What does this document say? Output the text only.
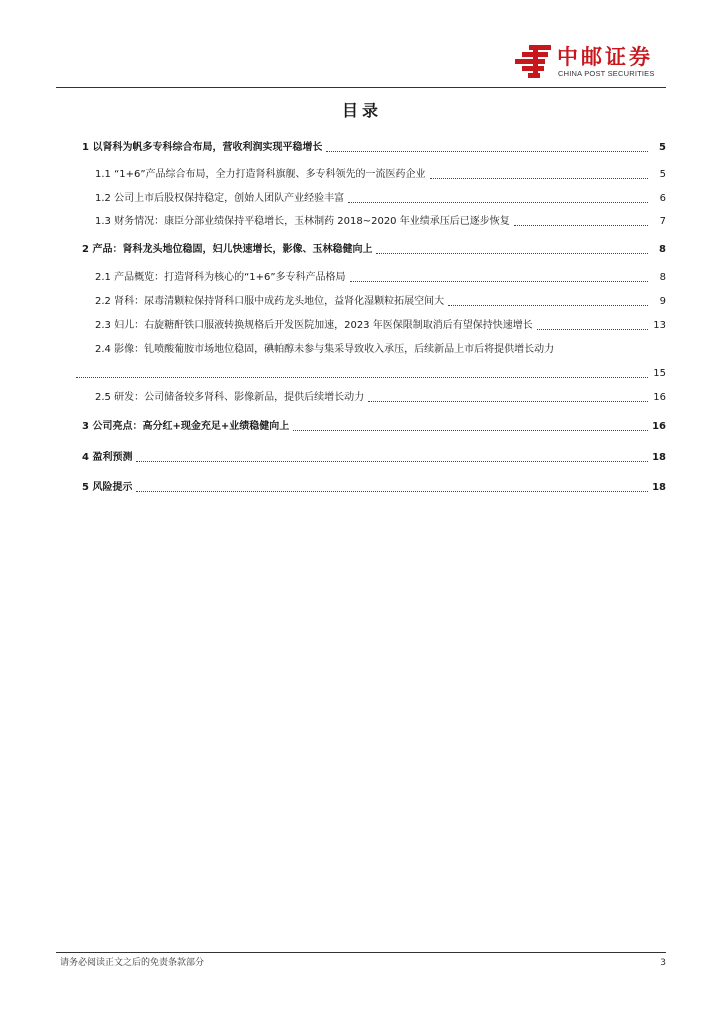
中邮证券
CHINA POST SECURITIES
目录
1 以肾科为帆多专科综合布局，营收利润实现平稳增长	5
1.1 “1+6”产品综合布局，全力打造肾科旗舰、多专科领先的一流医药企业	5
1.2 公司上市后股权保持稳定，创始人团队产业经验丰富	6
1.3 财务情况：康臣分部业绩保持平稳增长，玉林制药 2018~2020 年业绩承压后已逐步恢复	7
2 产品：肾科龙头地位稳固，妇儿快速增长，影像、玉林稳健向上	8
2.1 产品概览：打造肾科为核心的“1+6”多专科产品格局	8
2.2 肾科：尿毒清颗粒保持肾科口服中成药龙头地位，益肾化湿颗粒拓展空间大	9
2.3 妇儿：右旋糖酐铁口服液转换规格后开发医院加速，2023 年医保限制取消后有望保持快速增长	13
2.4 影像：钆喷酸葡胺市场地位稳固，碘帕醇未参与集采导致收入承压，后续新品上市后将提供增长动力
15
2.5 研发：公司储备较多肾科、影像新品，提供后续增长动力	16
3 公司亮点：高分红+现金充足+业绩稳健向上	16
4 盈利预测	18
5 风险提示	18
请务必阅读正文之后的免责条款部分	3
